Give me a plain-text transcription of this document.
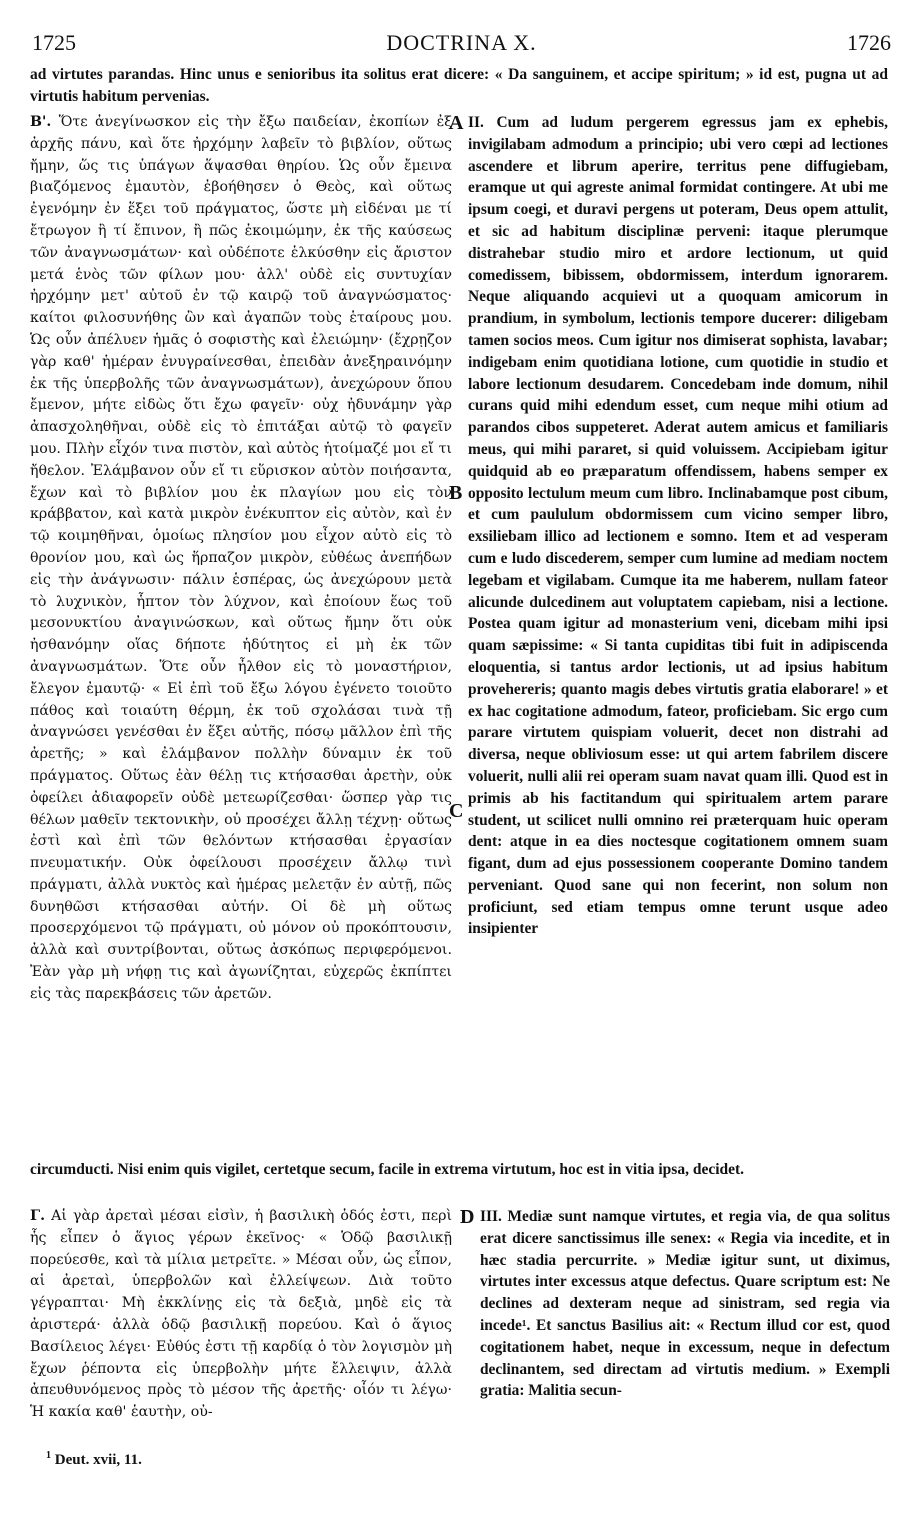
1725	DOCTRINA X.	1726
ad virtutes parandas. Hinc unus e senioribus ita solitus erat dicere: « Da sanguinem, et accipe spiritum; » id est, pugna ut ad virtutis habitum pervenias.

Β'. Ὅτε ἀνεγίνωσκον εἰς τὴν ἔξω παιδείαν, ἐκοπίων ἐξ ἀρχῆς πάνυ, καὶ ὅτε ἠρχόμην λαβεῖν τὸ βιβλίον, οὕτως ἤμην, ὥς τις ὑπάγων ἅψασθαι θηρίου. Ὡς οὖν ἔμεινα βιαζόμενος ἐμαυτὸν, ἐβοήθησεν ὁ Θεὸς, καὶ οὕτως ἐγενόμην ἐν ἕξει τοῦ πράγματος, ὥστε μὴ εἰδέναι με τί ἔτρωγον ἢ τί ἔπινον, ἢ πῶς ἐκοιμώμην, ἐκ τῆς καύσεως τῶν ἀναγνωσμάτων· καὶ οὐδέποτε ἑλκύσθην εἰς ἄριστον μετά ἑνὸς τῶν φίλων μου· ἀλλ' οὐδὲ εἰς συντυχίαν ἠρχόμην μετ' αὐτοῦ ἐν τῷ καιρῷ τοῦ ἀναγνώσματος· καίτοι φιλοσυνήθης ὢν καὶ ἀγαπῶν τοὺς ἑταίρους μου. Ὡς οὖν ἀπέλυεν ἡμᾶς ὁ σοφιστὴς καὶ ἐλειώμην· (ἔχρῃζον γὰρ καθ' ἡμέραν ἐνυγραίνεσθαι, ἐπειδὰν ἀνεξηραινόμην ἐκ τῆς ὑπερβολῆς τῶν ἀναγνωσμάτων), ἀνεχώρουν ὅπου ἔμενον, μήτε εἰδὼς ὅτι ἔχω φαγεῖν· οὐχ ἠδυνάμην γὰρ ἀπασχοληθῆναι, οὐδὲ εἰς τὸ ἐπιτάξαι αὐτῷ τὸ φαγεῖν μου. Πλὴν εἶχόν τινα πιστὸν, καὶ αὐτὸς ἡτοίμαζέ μοι εἴ τι ἤθελον. Ἐλάμβανον οὖν εἴ τι εὕρισκον αὐτὸν ποιήσαντα, ἔχων καὶ τὸ βιβλίον μου ἐκ πλαγίων μου εἰς τὸν κράββατον, καὶ κατὰ μικρὸν ἐνέκυπτον εἰς αὐτὸν, καὶ ἐν τῷ κοιμηθῆναι, ὁμοίως πλησίον μου εἶχον αὐτὸ εἰς τὸ θρονίον μου, καὶ ὡς ἥρπαζον μικρὸν, εὐθέως ἀνεπήδων εἰς τὴν ἀνάγνωσιν· πάλιν ἑσπέρας, ὡς ἀνεχώρουν μετὰ τὸ λυχνικὸν, ἧπτον τὸν λύχνον, καὶ ἐποίουν ἕως τοῦ μεσονυκτίου ἀναγινώσκων, καὶ οὕτως ἤμην ὅτι οὐκ ἠσθανόμην οἵας δήποτε ἡδύτητος εἰ μὴ ἐκ τῶν ἀναγνωσμάτων. Ὅτε οὖν ἦλθον εἰς τὸ μοναστήριον, ἔλεγον ἐμαυτῷ· « Εἰ ἐπὶ τοῦ ἔξω λόγου ἐγένετο τοιοῦτο πάθος καὶ τοιαύτη θέρμη, ἐκ τοῦ σχολάσαι τινὰ τῇ ἀναγνώσει γενέσθαι ἐν ἕξει αὐτῆς, πόσῳ μᾶλλον ἐπὶ τῆς ἀρετῆς; » καὶ ἐλάμβανον πολλὴν δύναμιν ἐκ τοῦ πράγματος. Οὕτως ἐὰν θέλῃ τις κτήσασθαι ἀρετὴν, οὐκ ὀφείλει ἀδιαφορεῖν οὐδὲ μετεωρίζεσθαι· ὥσπερ γὰρ τις θέλων μαθεῖν τεκτονικὴν, οὐ προσέχει ἄλλῃ τέχνῃ· οὕτως ἐστὶ καὶ ἐπὶ τῶν θελόντων κτήσασθαι ἐργασίαν πνευματικήν. Οὐκ ὀφείλουσι προσέχειν ἄλλῳ τινὶ πράγματι, ἀλλὰ νυκτὸς καὶ ἡμέρας μελετᾷν ἐν αὐτῇ, πῶς δυνηθῶσι κτήσασθαι αὐτήν. Οἱ δὲ μὴ οὕτως προσερχόμενοι τῷ πράγματι, οὐ μόνον οὐ προκόπτουσιν, ἀλλὰ καὶ συντρίβονται, οὕτως ἀσκόπως περιφερόμενοι. Ἐὰν γὰρ μὴ νήφῃ τις καὶ ἀγωνίζηται, εὐχερῶς ἐκπίπτει εἰς τὰς παρεκβάσεις τῶν ἀρετῶν.

A
B
C

II. Cum ad ludum pergerem egressus jam ex ephebis, invigilabam admodum a principio; ubi vero cœpi ad lectiones ascendere et librum aperire, territus pene diffugiebam, eramque ut qui agreste animal formidat contingere. At ubi me ipsum coegi, et duravi pergens ut poteram, Deus opem attulit, et sic ad habitum disciplinæ perveni: itaque plerumque distrahebar studio miro et ardore lectionum, ut quid comedissem, bibissem, obdormissem, interdum ignorarem. Neque aliquando acquievi ut a quoquam amicorum in prandium, in symbolum, lectionis tempore ducerer: diligebam tamen socios meos. Cum igitur nos dimiserat sophista, lavabar; indigebam enim quotidiana lotione, cum quotidie in studio et labore lectionum desudarem. Concedebam inde domum, nihil curans quid mihi edendum esset, cum neque mihi otium ad parandos cibos suppeteret. Aderat autem amicus et familiaris meus, qui mihi pararet, si quid voluissem. Accipiebam igitur quidquid ab eo præparatum offendissem, habens semper ex opposito lectulum meum cum libro. Inclinabamque post cibum, et cum paululum obdormissem cum vicino semper libro, exsiliebam illico ad lectionem e somno. Item et ad vesperam cum e ludo discederem, semper cum lumine ad mediam noctem legebam et vigilabam. Cumque ita me haberem, nullam fateor alicunde dulcedinem aut voluptatem capiebam, nisi a lectione. Postea quam igitur ad monasterium veni, dicebam mihi ipsi quam sæpissime: « Si tanta cupiditas tibi fuit in adipiscenda eloquentia, si tantus ardor lectionis, ut ad ipsius habitum provehereris; quanto magis debes virtutis gratia elaborare! » et ex hac cogitatione admodum, fateor, proficiebam. Sic ergo cum parare virtutem quispiam voluerit, decet non distrahi ad diversa, neque obliviosum esse: ut qui artem fabrilem discere voluerit, nulli alii rei operam suam navat quam illi. Quod est in primis ab his factitandum qui spiritualem artem parare student, ut scilicet nulli omnino rei præterquam huic operam dent: atque in ea dies noctesque cogitationem omnem suam figant, dum ad ejus possessionem cooperante Domino tandem perveniant. Quod sane qui non fecerint, non solum non proficiunt, sed etiam tempus omne terunt usque adeo insipienter

circumducti. Nisi enim quis vigilet, certetque secum, facile in extrema virtutum, hoc est in vitia ipsa, decidet.

Γ. Αἱ γὰρ ἀρεταὶ μέσαι εἰσὶν, ἡ βασιλικὴ ὁδός ἐστι, περὶ ἧς εἶπεν ὁ ἅγιος γέρων ἐκεῖνος· « Ὁδῷ βασιλικῇ πορεύεσθε, καὶ τὰ μίλια μετρεῖτε. » Μέσαι οὖν, ὡς εἶπον, αἱ ἀρεταὶ, ὑπερβολῶν καὶ ἐλλείψεων. Διὰ τοῦτο γέγραπται· Μὴ ἐκκλίνῃς εἰς τὰ δεξιὰ, μηδὲ εἰς τὰ ἀριστερά· ἀλλὰ ὁδῷ βασιλικῇ πορεύου. Καὶ ὁ ἅγιος Βασίλειος λέγει· Εὐθύς ἐστι τῇ καρδίᾳ ὁ τὸν λογισμὸν μὴ ἔχων ῥέποντα εἰς ὑπερβολὴν μήτε ἔλλειψιν, ἀλλὰ ἀπευθυνόμενος πρὸς τὸ μέσον τῆς ἀρετῆς· οἷόν τι λέγω· Ἡ κακία καθ' ἑαυτὴν, οὐ-

D III. Mediæ sunt namque virtutes, et regia via, de qua solitus erat dicere sanctissimus ille senex: « Regia via incedite, et in hæc stadia percurrite. » Mediæ igitur sunt, ut diximus, virtutes inter excessus atque defectus. Quare scriptum est: Ne declines ad dexteram neque ad sinistram, sed regia via incede¹. Et sanctus Basilius ait: « Rectum illud cor est, quod cogitationem habet, neque in excessum, neque in defectum declinantem, sed directam ad virtutis medium. » Exempli gratia: Malitia secun-

$^1$ Deut. xvii, 11.
